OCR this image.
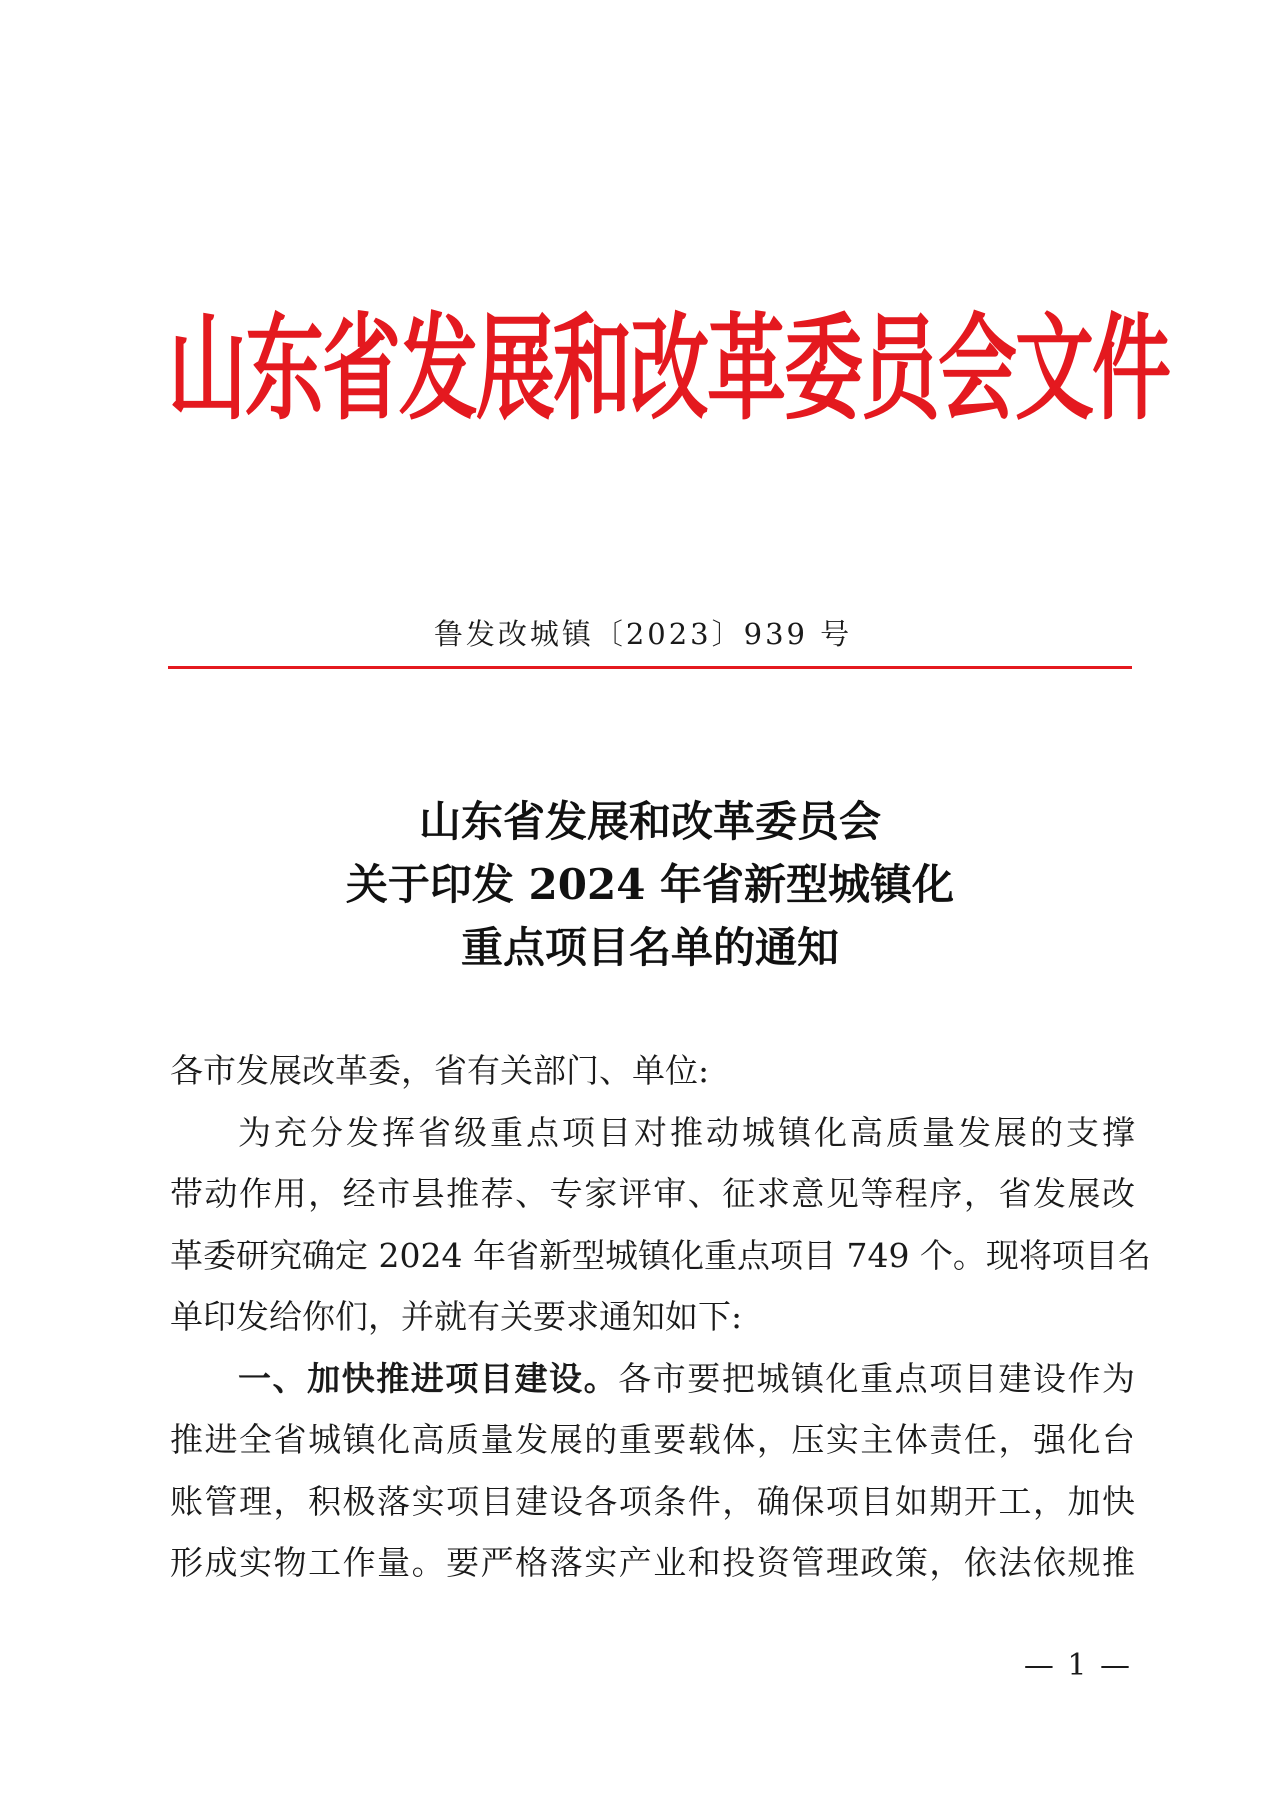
山东省发展和改革委员会文件
鲁发改城镇〔2023〕939 号
山东省发展和改革委员会
关于印发 2024 年省新型城镇化
重点项目名单的通知
各市发展改革委，省有关部门、单位:
为充分发挥省级重点项目对推动城镇化高质量发展的支撑
带动作用，经市县推荐、专家评审、征求意见等程序，省发展改
革委研究确定 2024 年省新型城镇化重点项目 749 个。现将项目名
单印发给你们，并就有关要求通知如下:
一、加快推进项目建设。各市要把城镇化重点项目建设作为
推进全省城镇化高质量发展的重要载体，压实主体责任，强化台
账管理，积极落实项目建设各项条件，确保项目如期开工，加快
形成实物工作量。要严格落实产业和投资管理政策，依法依规推
— 1 —
